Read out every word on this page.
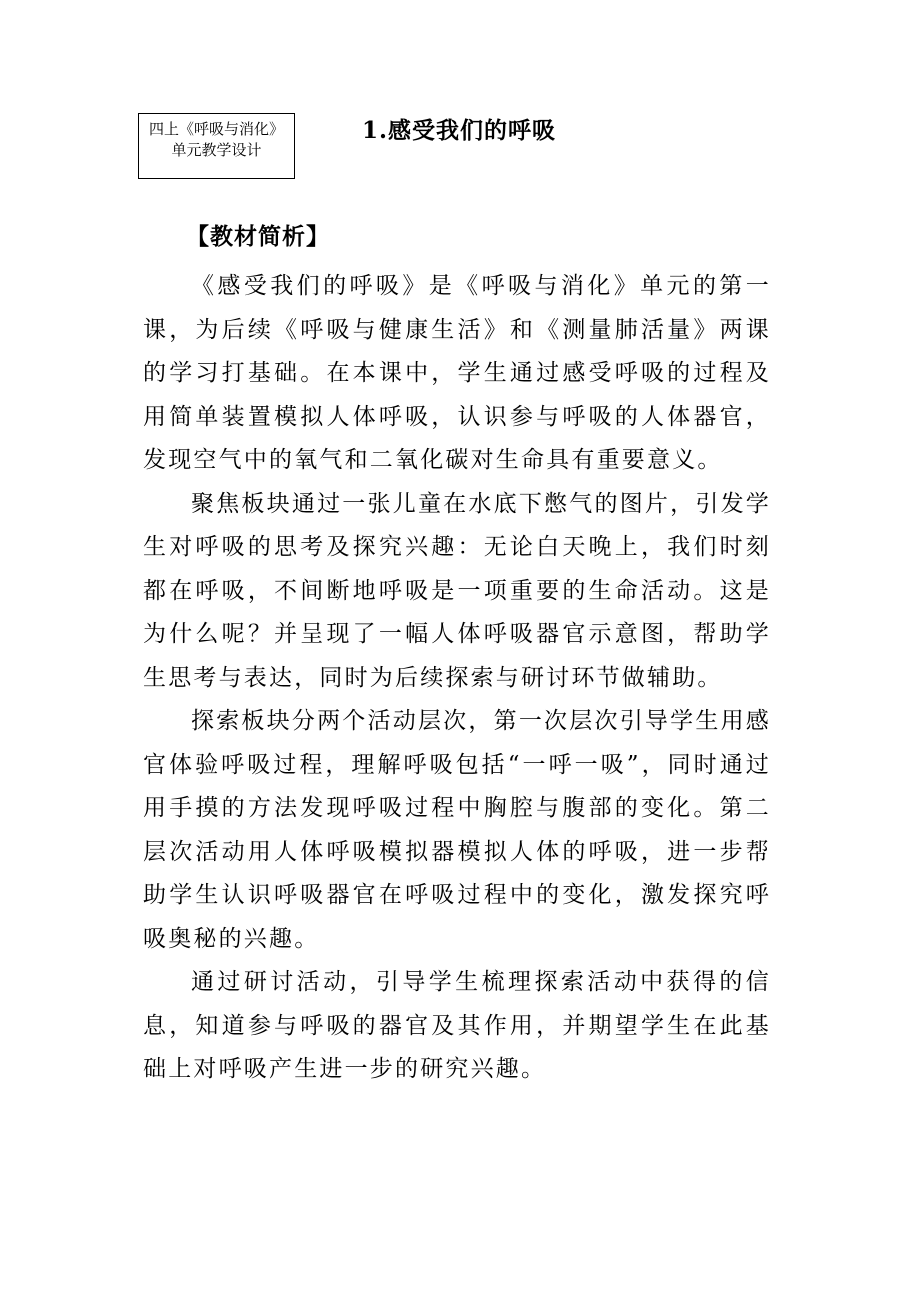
四上《呼吸与消化》
单元教学设计
1.感受我们的呼吸
【教材简析】

《感受我们的呼吸》是《呼吸与消化》单元的第一课，为后续《呼吸与健康生活》和《测量肺活量》两课的学习打基础。在本课中，学生通过感受呼吸的过程及用简单装置模拟人体呼吸，认识参与呼吸的人体器官，发现空气中的氧气和二氧化碳对生命具有重要意义。

聚焦板块通过一张儿童在水底下憋气的图片，引发学生对呼吸的思考及探究兴趣：无论白天晚上，我们时刻都在呼吸，不间断地呼吸是一项重要的生命活动。这是为什么呢？并呈现了一幅人体呼吸器官示意图，帮助学生思考与表达，同时为后续探索与研讨环节做辅助。

探索板块分两个活动层次，第一次层次引导学生用感官体验呼吸过程，理解呼吸包括“一呼一吸”，同时通过用手摸的方法发现呼吸过程中胸腔与腹部的变化。第二层次活动用人体呼吸模拟器模拟人体的呼吸，进一步帮助学生认识呼吸器官在呼吸过程中的变化，激发探究呼吸奥秘的兴趣。

通过研讨活动，引导学生梳理探索活动中获得的信息，知道参与呼吸的器官及其作用，并期望学生在此基础上对呼吸产生进一步的研究兴趣。
